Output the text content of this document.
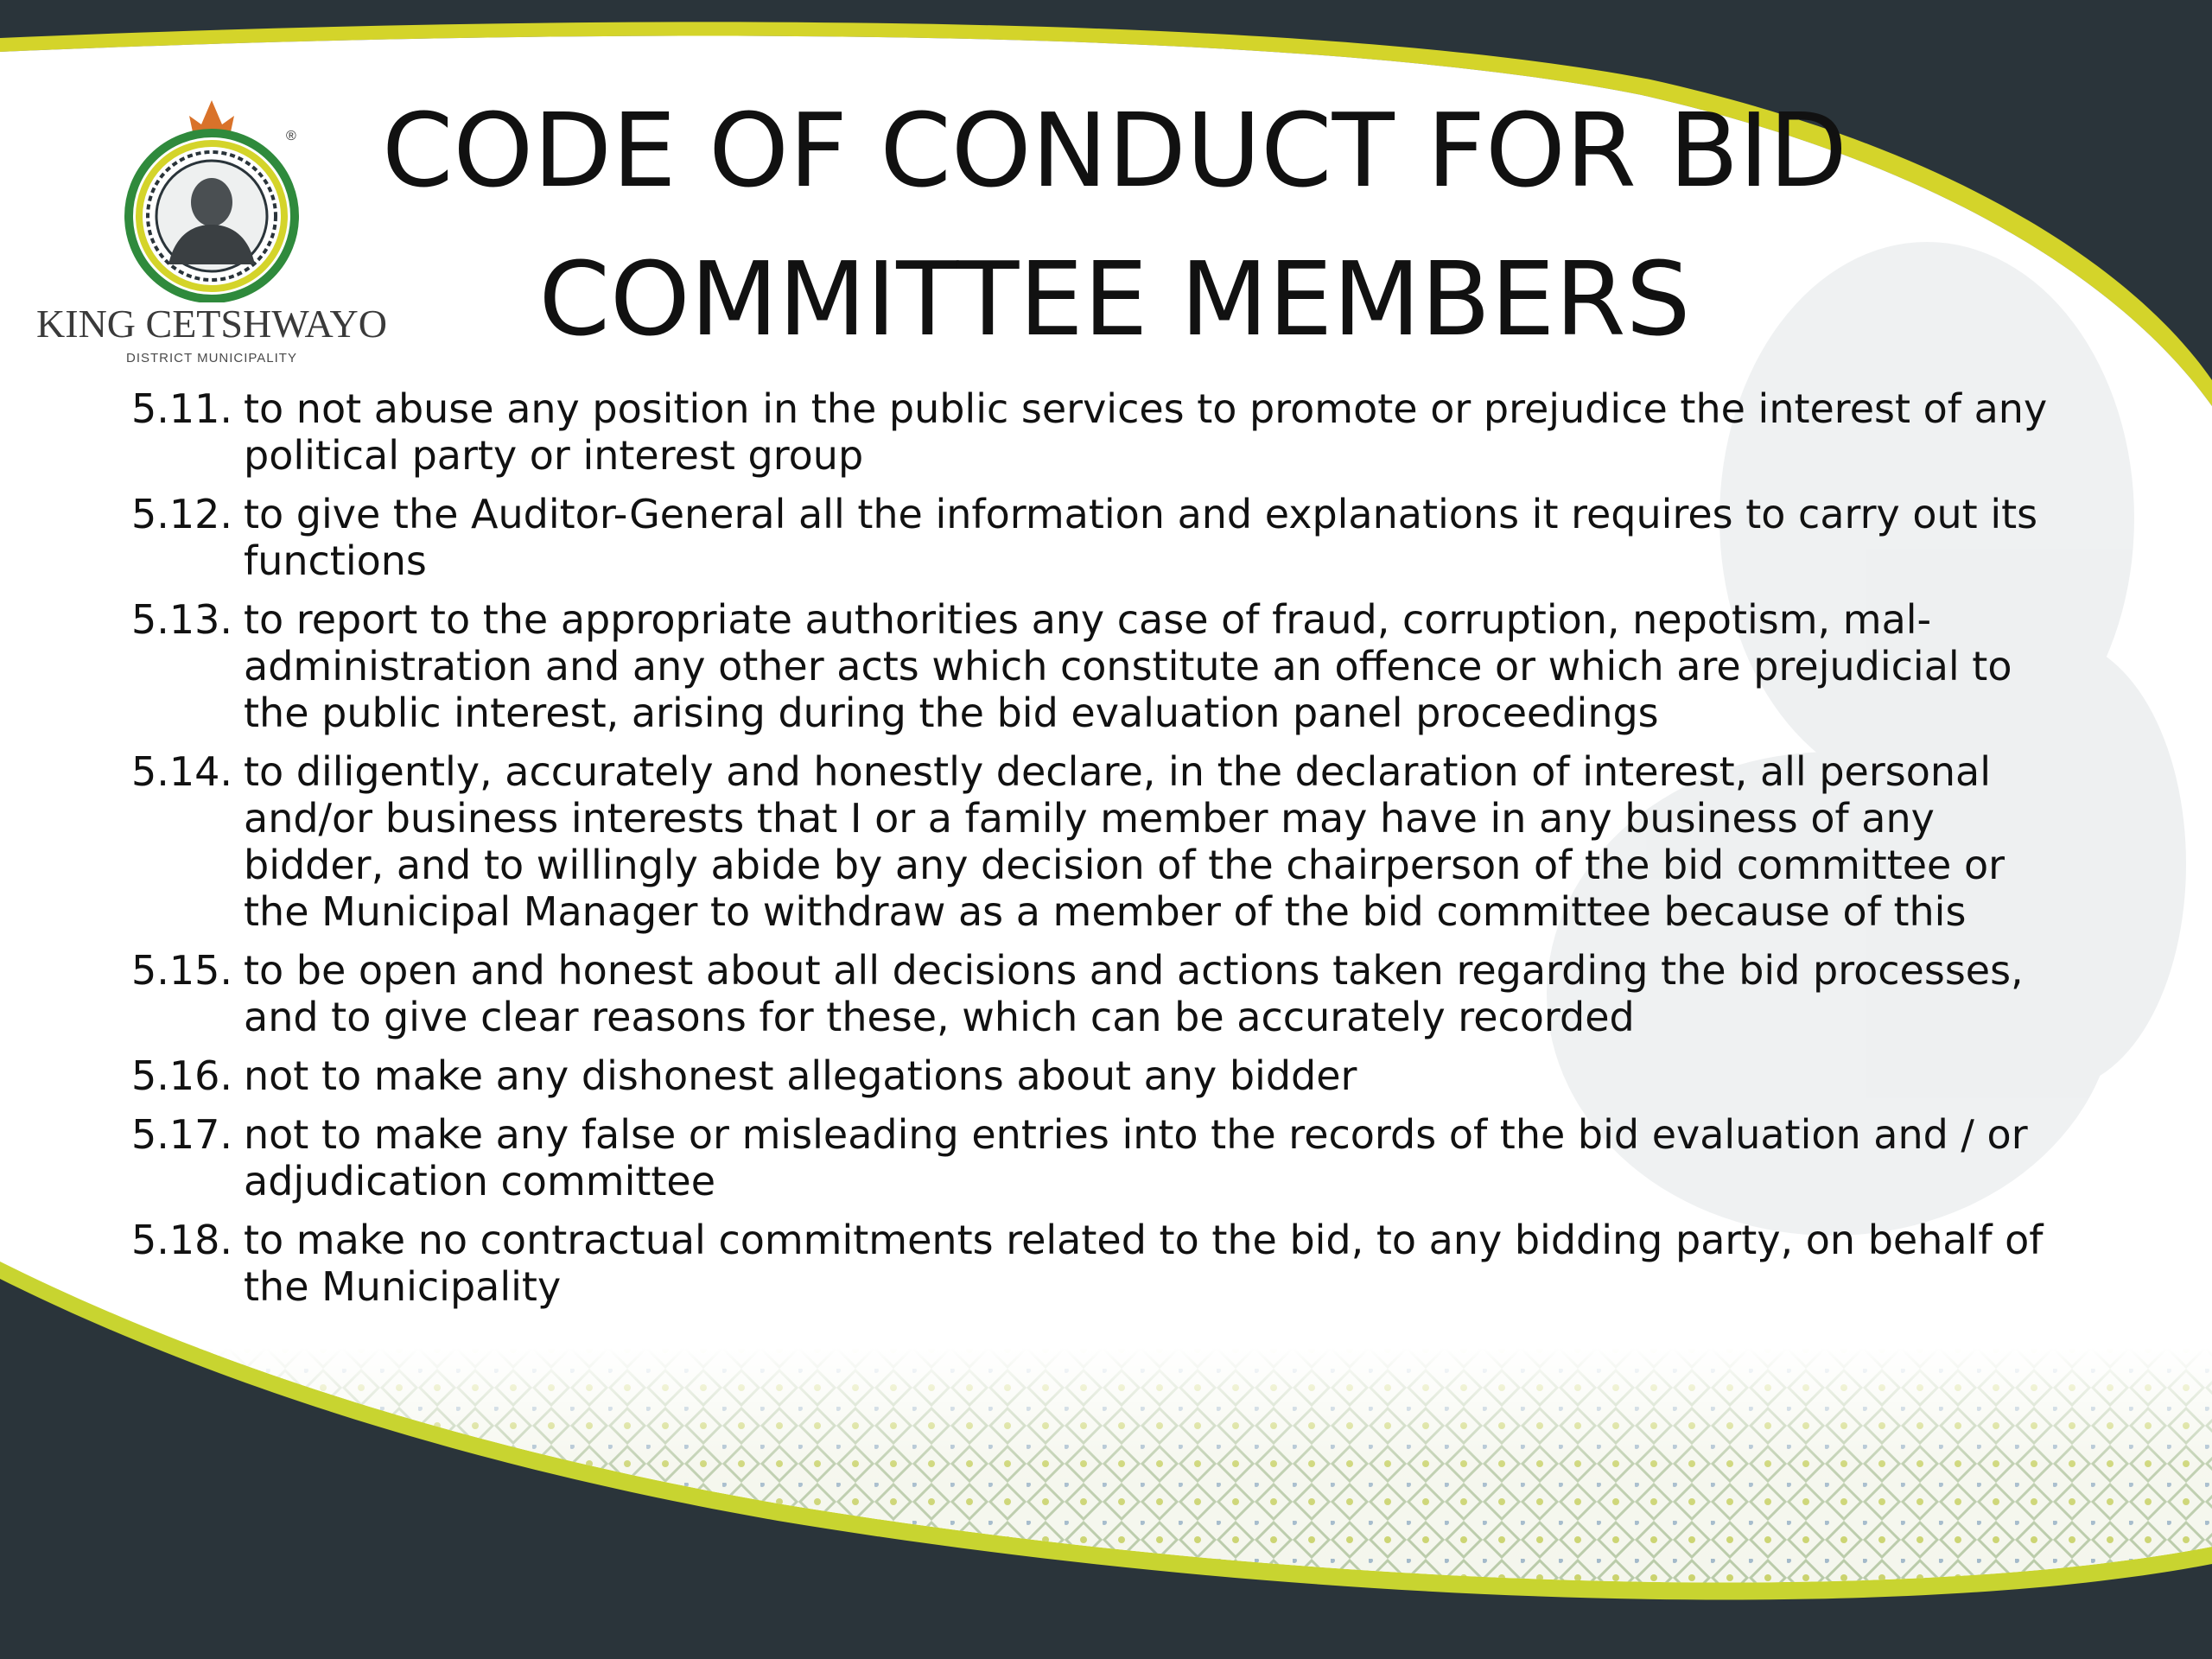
®
KING CETSHWAYO
DISTRICT MUNICIPALITY
CODE OF CONDUCT FOR BID
COMMITTEE MEMBERS
5.11. to not abuse any position in the public services to promote or prejudice the interest of any political party or interest group
5.12. to give the Auditor-General all the information and explanations it requires to carry out its functions
5.13. to report to the appropriate authorities any case of fraud, corruption, nepotism, mal-administration and any other acts which constitute an offence or which are prejudicial to the public interest, arising during the bid evaluation panel proceedings
5.14. to diligently, accurately and honestly declare, in the declaration of interest, all personal and/or business interests that I or a family member may have in any business of any bidder, and to willingly abide by any decision of the chairperson of the bid committee or the Municipal Manager to withdraw as a member of the bid committee because of this
5.15. to be open and honest about all decisions and actions taken regarding the bid processes, and to give clear reasons for these, which can be accurately recorded
5.16. not to make any dishonest allegations about any bidder
5.17. not to make any false or misleading entries into the records of the bid evaluation and / or adjudication committee
5.18. to make no contractual commitments related to the bid, to any bidding party, on behalf of the Municipality
